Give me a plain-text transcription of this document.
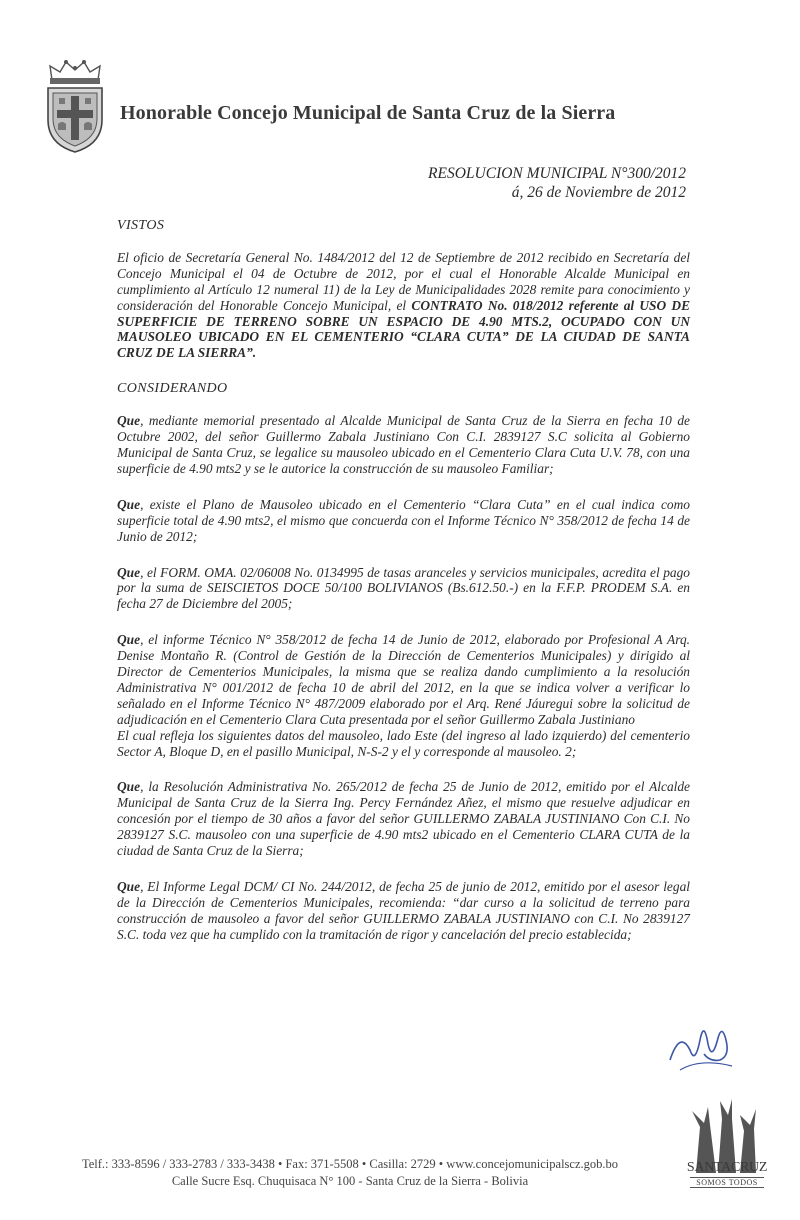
Honorable Concejo Municipal de Santa Cruz de la Sierra
RESOLUCION MUNICIPAL N°300/2012
á, 26 de Noviembre de 2012
VISTOS

El oficio de Secretaría General No. 1484/2012 del 12 de Septiembre de 2012 recibido en Secretaría del Concejo Municipal el 04 de Octubre de 2012, por el cual el Honorable Alcalde Municipal en cumplimiento al Artículo 12 numeral 11) de la Ley de Municipalidades 2028 remite para conocimiento y consideración del Honorable Concejo Municipal, el CONTRATO No. 018/2012 referente al USO DE SUPERFICIE DE TERRENO SOBRE UN ESPACIO DE 4.90 MTS.2, OCUPADO CON UN MAUSOLEO UBICADO EN EL CEMENTERIO “CLARA CUTA” DE LA CIUDAD DE SANTA CRUZ DE LA SIERRA”.

CONSIDERANDO

Que, mediante memorial presentado al Alcalde Municipal de Santa Cruz de la Sierra en fecha 10 de Octubre 2002, del señor Guillermo Zabala Justiniano Con C.I. 2839127 S.C solicita al Gobierno Municipal de Santa Cruz, se legalice su mausoleo ubicado en el Cementerio Clara Cuta U.V. 78, con una superficie de 4.90 mts2 y se le autorice la construcción de su mausoleo Familiar;

Que, existe el Plano de Mausoleo ubicado en el Cementerio “Clara Cuta” en el cual indica como superficie total de 4.90 mts2, el mismo que concuerda con el Informe Técnico N° 358/2012 de fecha 14 de Junio de 2012;

Que, el FORM. OMA. 02/06008 No. 0134995 de tasas aranceles y servicios municipales, acredita el pago por la suma de SEISCIETOS DOCE 50/100 BOLIVIANOS (Bs.612.50.-) en la F.F.P. PRODEM S.A. en fecha 27 de Diciembre del 2005;

Que, el informe Técnico N° 358/2012 de fecha 14 de Junio de 2012, elaborado por Profesional A Arq. Denise Montaño R. (Control de Gestión de la Dirección de Cementerios Municipales) y dirigido al Director de Cementerios Municipales, la misma que se realiza dando cumplimiento a la resolución Administrativa N° 001/2012 de fecha 10 de abril del 2012, en la que se indica volver a verificar lo señalado en el Informe Técnico N° 487/2009 elaborado por el Arq. René Jáuregui sobre la solicitud de adjudicación en el Cementerio Clara Cuta presentada por el señor Guillermo Zabala Justiniano

El cual refleja los siguientes datos del mausoleo, lado Este (del ingreso al lado izquierdo) del cementerio Sector A, Bloque D, en el pasillo Municipal, N-S-2 y el y corresponde al mausoleo. 2;

Que, la Resolución Administrativa No. 265/2012 de fecha 25 de Junio de 2012, emitido por el Alcalde Municipal de Santa Cruz de la Sierra Ing. Percy Fernández Añez, el mismo que resuelve adjudicar en concesión por el tiempo de 30 años a favor del señor GUILLERMO ZABALA JUSTINIANO Con C.I. No 2839127 S.C. mausoleo con una superficie de 4.90 mts2 ubicado en el Cementerio CLARA CUTA de la ciudad de Santa Cruz de la Sierra;

Que, El Informe Legal DCM/ CI No. 244/2012, de fecha 25 de junio de 2012, emitido por el asesor legal de la Dirección de Cementerios Municipales, recomienda: “dar curso a la solicitud de terreno para construcción de mausoleo a favor del señor GUILLERMO ZABALA JUSTINIANO con C.I. No 2839127 S.C. toda vez que ha cumplido con la tramitación de rigor y cancelación del precio establecida;

Telf.: 333-8596 / 333-2783 / 333-3438 • Fax: 371-5508 • Casilla: 2729 • www.concejomunicipalscz.gob.bo
Calle Sucre Esq. Chuquisaca N° 100 - Santa Cruz de la Sierra - Bolivia
SANTACRUZ
SOMOS TODOS
